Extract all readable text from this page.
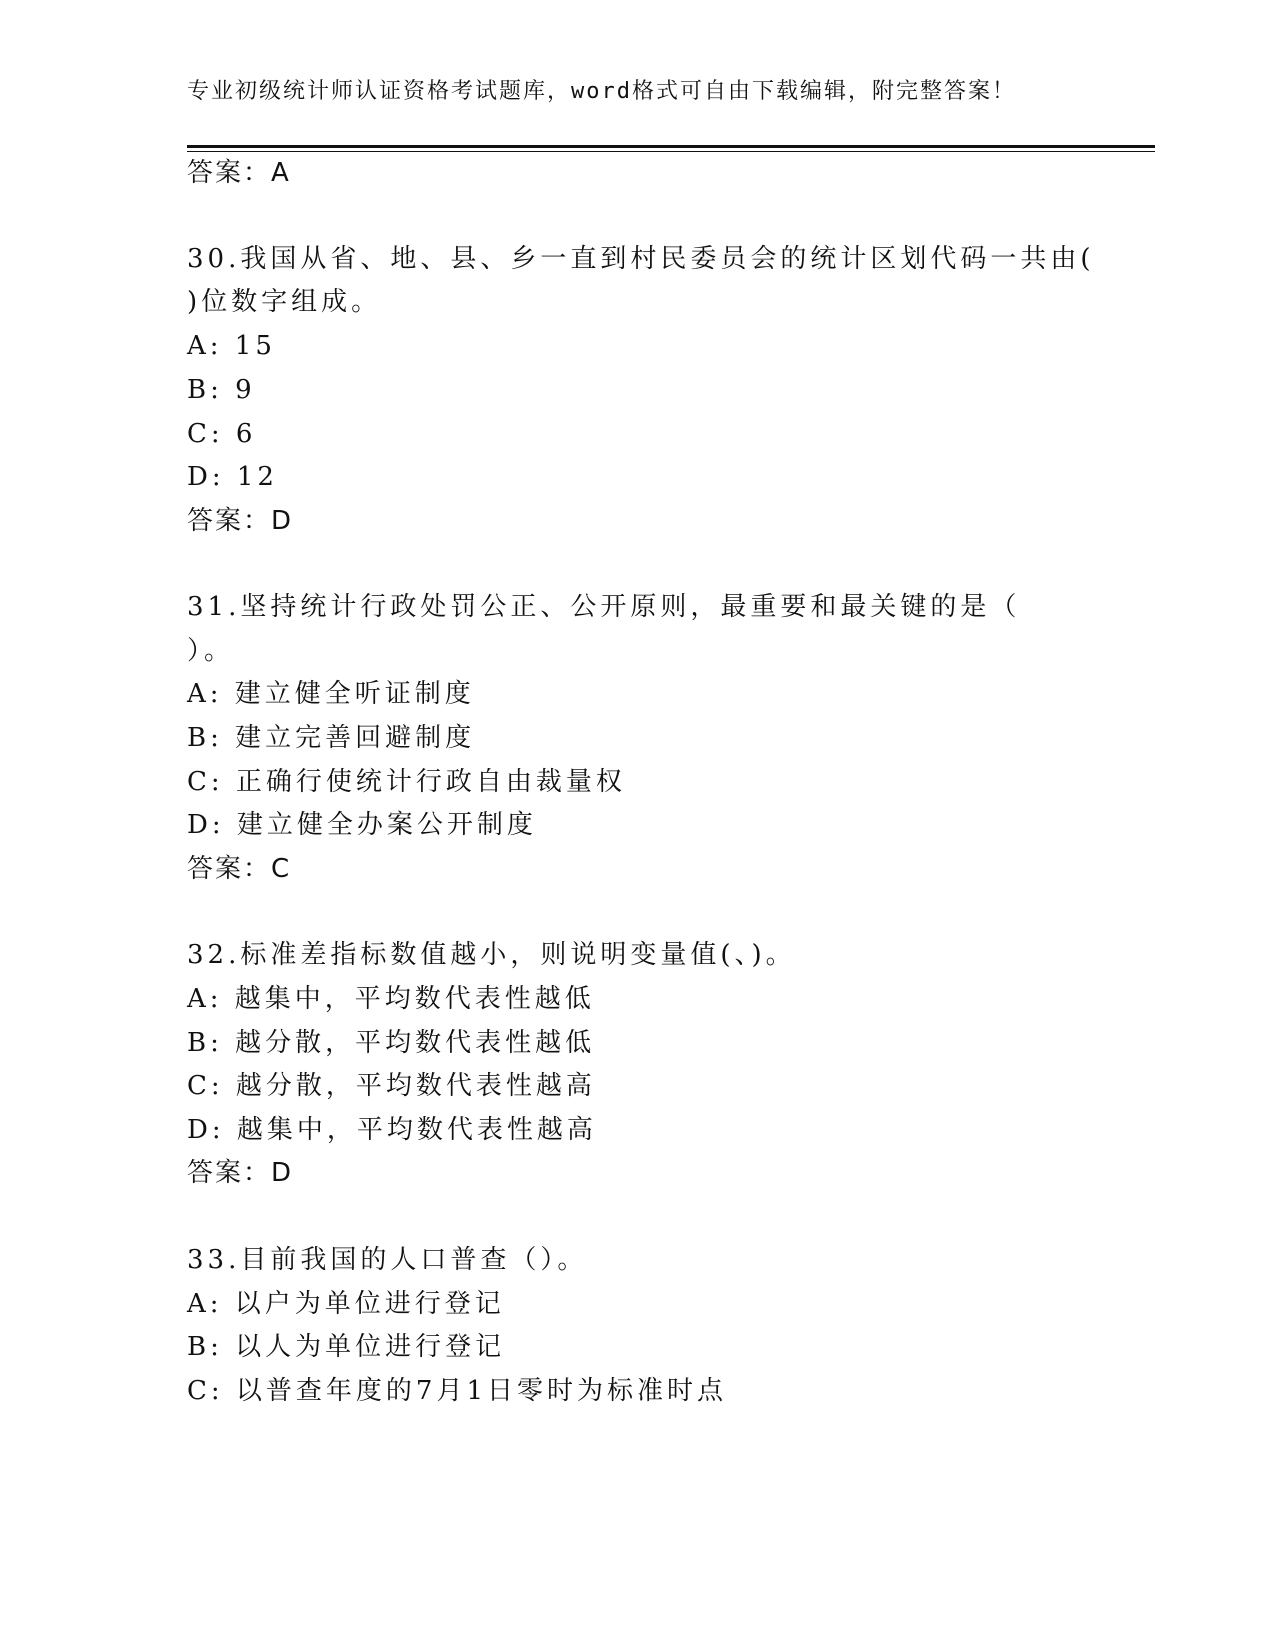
专业初级统计师认证资格考试题库，word格式可自由下载编辑，附完整答案！
答案：A
30.我国从省、地、县、乡一直到村民委员会的统计区划代码一共由(
)位数字组成。
A: 15
B: 9
C: 6
D: 12
答案：D
31.坚持统计行政处罚公正、公开原则，最重要和最关键的是（
）。
A: 建立健全听证制度
B: 建立完善回避制度
C: 正确行使统计行政自由裁量权
D: 建立健全办案公开制度
答案：C
32.标准差指标数值越小，则说明变量值(、)。
A: 越集中，平均数代表性越低
B: 越分散，平均数代表性越低
C: 越分散，平均数代表性越高
D: 越集中，平均数代表性越高
答案：D
33.目前我国的人口普查（）。
A: 以户为单位进行登记
B: 以人为单位进行登记
C: 以普查年度的7月1日零时为标准时点
